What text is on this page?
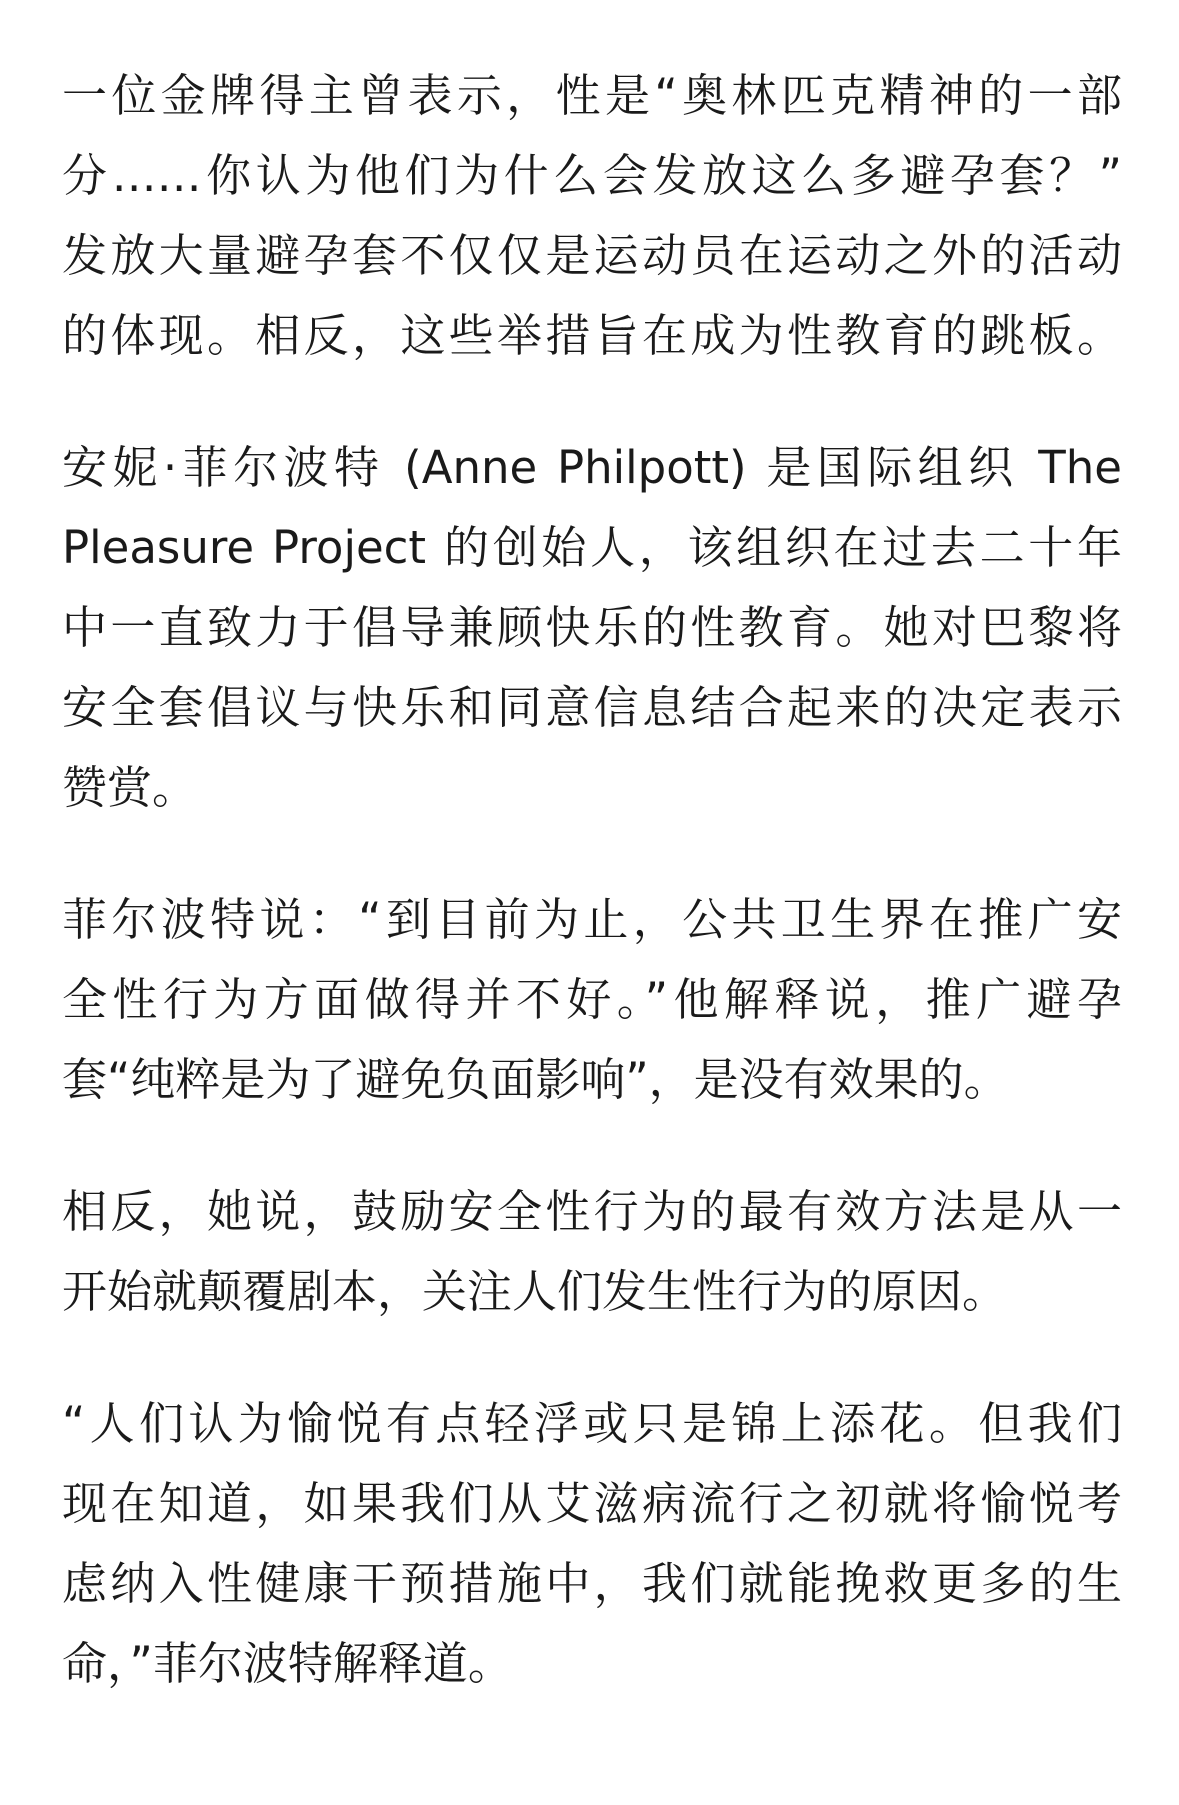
一位金牌得主曾表示，性是“奥林匹克精神的一部
分……你认为他们为什么会发放这么多避孕套？”
发放大量避孕套不仅仅是运动员在运动之外的活动
的体现。相反，这些举措旨在成为性教育的跳板。
安妮·菲尔波特 (Anne Philpott) 是国际组织 The
Pleasure Project 的创始人，该组织在过去二十年
中一直致力于倡导兼顾快乐的性教育。她对巴黎将
安全套倡议与快乐和同意信息结合起来的决定表示
赞赏。
菲尔波特说：“到目前为止，公共卫生界在推广安
全性行为方面做得并不好。”他解释说，推广避孕
套“纯粹是为了避免负面影响”，是没有效果的。
相反，她说，鼓励安全性行为的最有效方法是从一
开始就颠覆剧本，关注人们发生性行为的原因。
“人们认为愉悦有点轻浮或只是锦上添花。但我们
现在知道，如果我们从艾滋病流行之初就将愉悦考
虑纳入性健康干预措施中，我们就能挽救更多的生
命，”菲尔波特解释道。
